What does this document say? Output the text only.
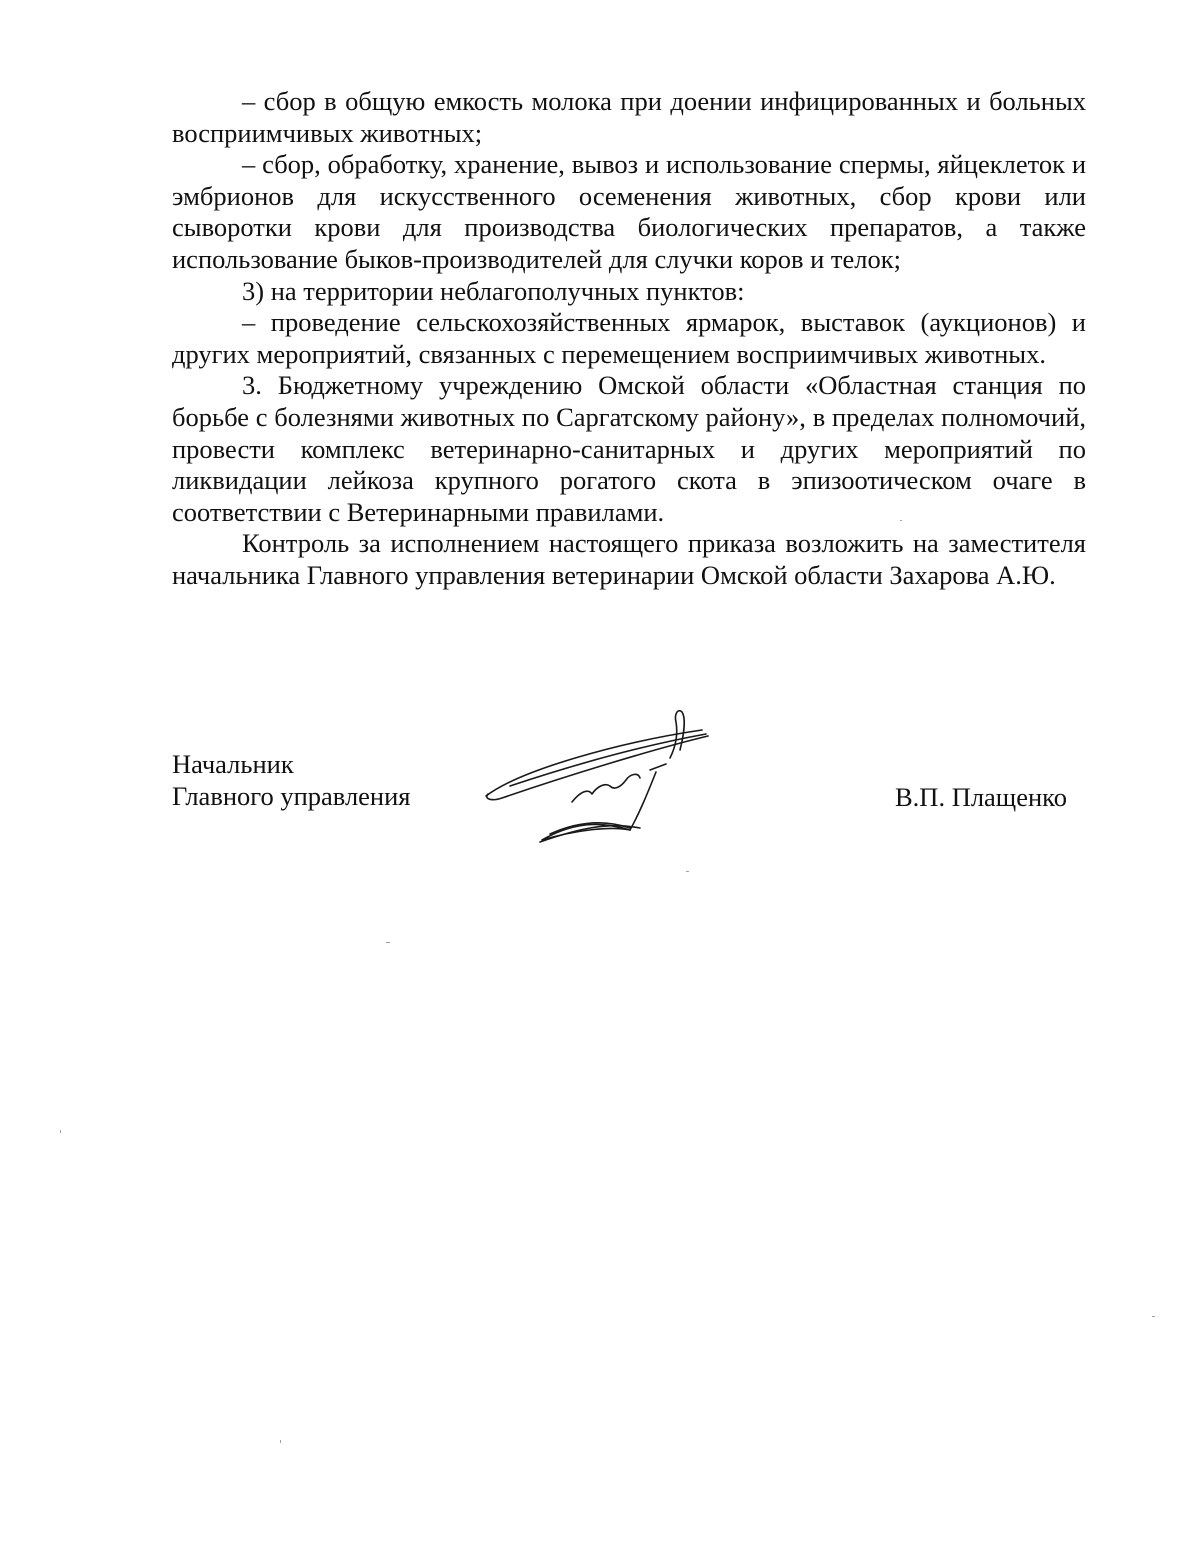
– сбор в общую емкость молока при доении инфицированных и больных восприимчивых животных;

– сбор, обработку, хранение, вывоз и использование спермы, яйцеклеток и эмбрионов для искусственного осеменения животных, сбор крови или сыворотки крови для производства биологических препаратов, а также использование быков-производителей для случки коров и телок;

3) на территории неблагополучных пунктов:

– проведение сельскохозяйственных ярмарок, выставок (аукционов) и других мероприятий, связанных с перемещением восприимчивых животных.

3. Бюджетному учреждению Омской области «Областная станция по борьбе с болезнями животных по Саргатскому району», в пределах полномочий, провести комплекс ветеринарно-санитарных и других мероприятий по ликвидации лейкоза крупного рогатого скота в эпизоотическом очаге в соответствии с Ветеринарными правилами.

Контроль за исполнением настоящего приказа возложить на заместителя начальника Главного управления ветеринарии Омской области Захарова А.Ю.

Начальник
Главного управления	В.П. Плащенко
